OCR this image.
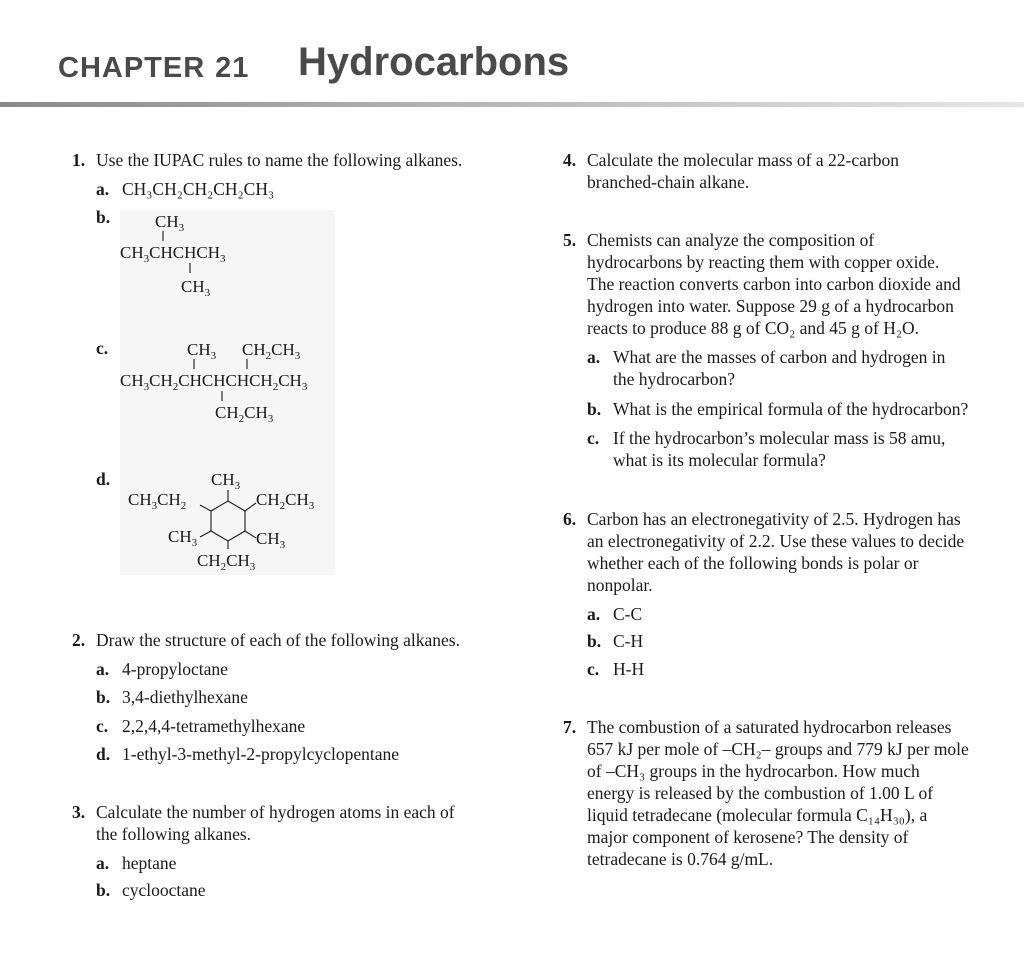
CHAPTER 21 Hydrocarbons
1. Use the IUPAC rules to name the following alkanes.
a. CH₃CH₂CH₂CH₂CH₃
b.
c.
d.
$CH_3$
$CH_3CHCHCH_3$
$CH_3$
$CH_3$ $CH_2CH_3$
$CH_3CH_2CHCHCHCH_2CH_3$
$CH_2CH_3$
$CH_3$
$CH_3CH_2$	$CH_2CH_3$
$CH_3$	$CH_3$
$CH_2CH_3$
2. Draw the structure of each of the following alkanes.
a. 4-propyloctane
b. 3,4-diethylhexane
c. 2,2,4,4-tetramethylhexane
d. 1-ethyl-3-methyl-2-propylcyclopentane
3. Calculate the number of hydrogen atoms in each of
the following alkanes.
a. heptane
b. cyclooctane
4. Calculate the molecular mass of a 22-carbon
branched-chain alkane.
5. Chemists can analyze the composition of
hydrocarbons by reacting them with copper oxide.
The reaction converts carbon into carbon dioxide and
hydrogen into water. Suppose 29 g of a hydrocarbon
reacts to produce 88 g of CO₂ and 45 g of H₂O.
a. What are the masses of carbon and hydrogen in
the hydrocarbon?
b. What is the empirical formula of the hydrocarbon?
c. If the hydrocarbon’s molecular mass is 58 amu,
what is its molecular formula?
6. Carbon has an electronegativity of 2.5. Hydrogen has
an electronegativity of 2.2. Use these values to decide
whether each of the following bonds is polar or
nonpolar.
a. C-C
b. C-H
c. H-H
7. The combustion of a saturated hydrocarbon releases
657 kJ per mole of –CH₂– groups and 779 kJ per mole
of –CH₃ groups in the hydrocarbon. How much
energy is released by the combustion of 1.00 L of
liquid tetradecane (molecular formula C₁₄H₃₀), a
major component of kerosene? The density of
tetradecane is 0.764 g/mL.
